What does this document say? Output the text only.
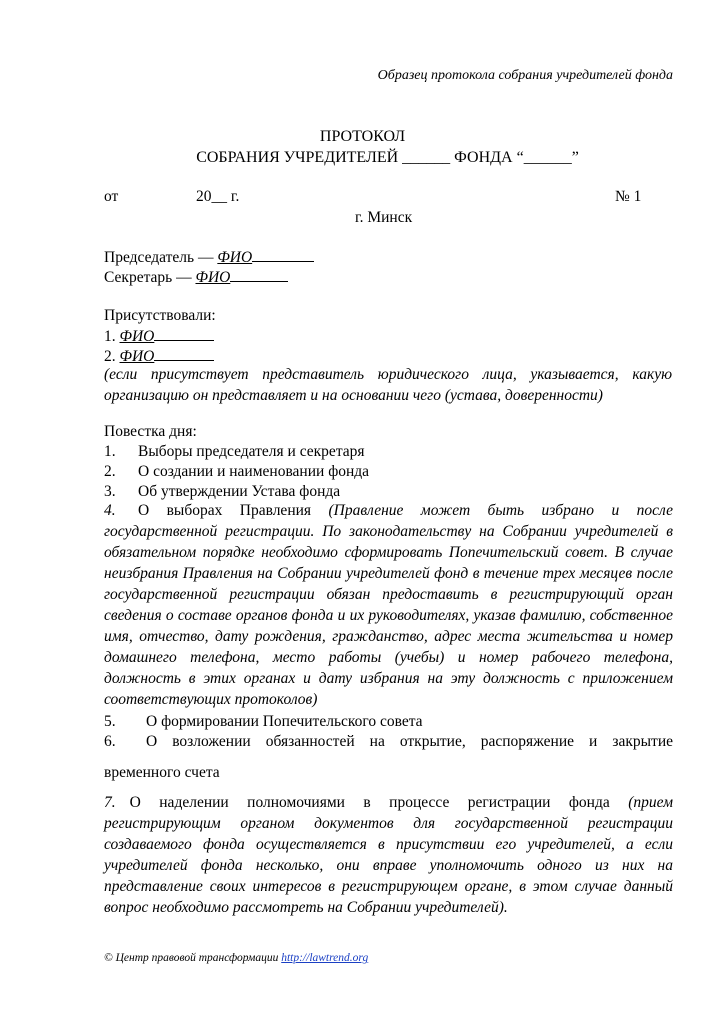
Образец протокола собрания учредителей фонда
ПРОТОКОЛ
СОБРАНИЯ УЧРЕДИТЕЛЕЙ ______ ФОНДА “______”
от	20__ г.	№ 1
г. Минск
Председатель — ФИО
Секретарь — ФИО
Присутствовали:
1. ФИО
2. ФИО
(если присутствует представитель юридического лица, указывается, какую организацию он представляет и на основании чего (устава, доверенности)
Повестка дня:
1. Выборы председателя и секретаря
2. О создании и наименовании фонда
3. Об утверждении Устава фонда
4. О выборах Правления (Правление может быть избрано и после государственной регистрации. По законодательству на Собрании учредителей в обязательном порядке необходимо сформировать Попечительский совет. В случае неизбрания Правления на Собрании учредителей фонд в течение трех месяцев после государственной регистрации обязан предоставить в регистрирующий орган сведения о составе органов фонда и их руководителях, указав фамилию, собственное имя, отчество, дату рождения, гражданство, адрес места жительства и номер домашнего телефона, место работы (учебы) и номер рабочего телефона, должность в этих органах и дату избрания на эту должность с приложением соответствующих протоколов)
5. О формировании Попечительского совета
6. О возложении обязанностей на открытие, распоряжение и закрытие
временного счета
7. О наделении полномочиями в процессе регистрации фонда (прием регистрирующим органом документов для государственной регистрации создаваемого фонда осуществляется в присутствии его учредителей, а если учредителей фонда несколько, они вправе уполномочить одного из них на представление своих интересов в регистрирующем органе, в этом случае данный вопрос необходимо рассмотреть на Собрании учредителей).
© Центр правовой трансформации http://lawtrend.org
